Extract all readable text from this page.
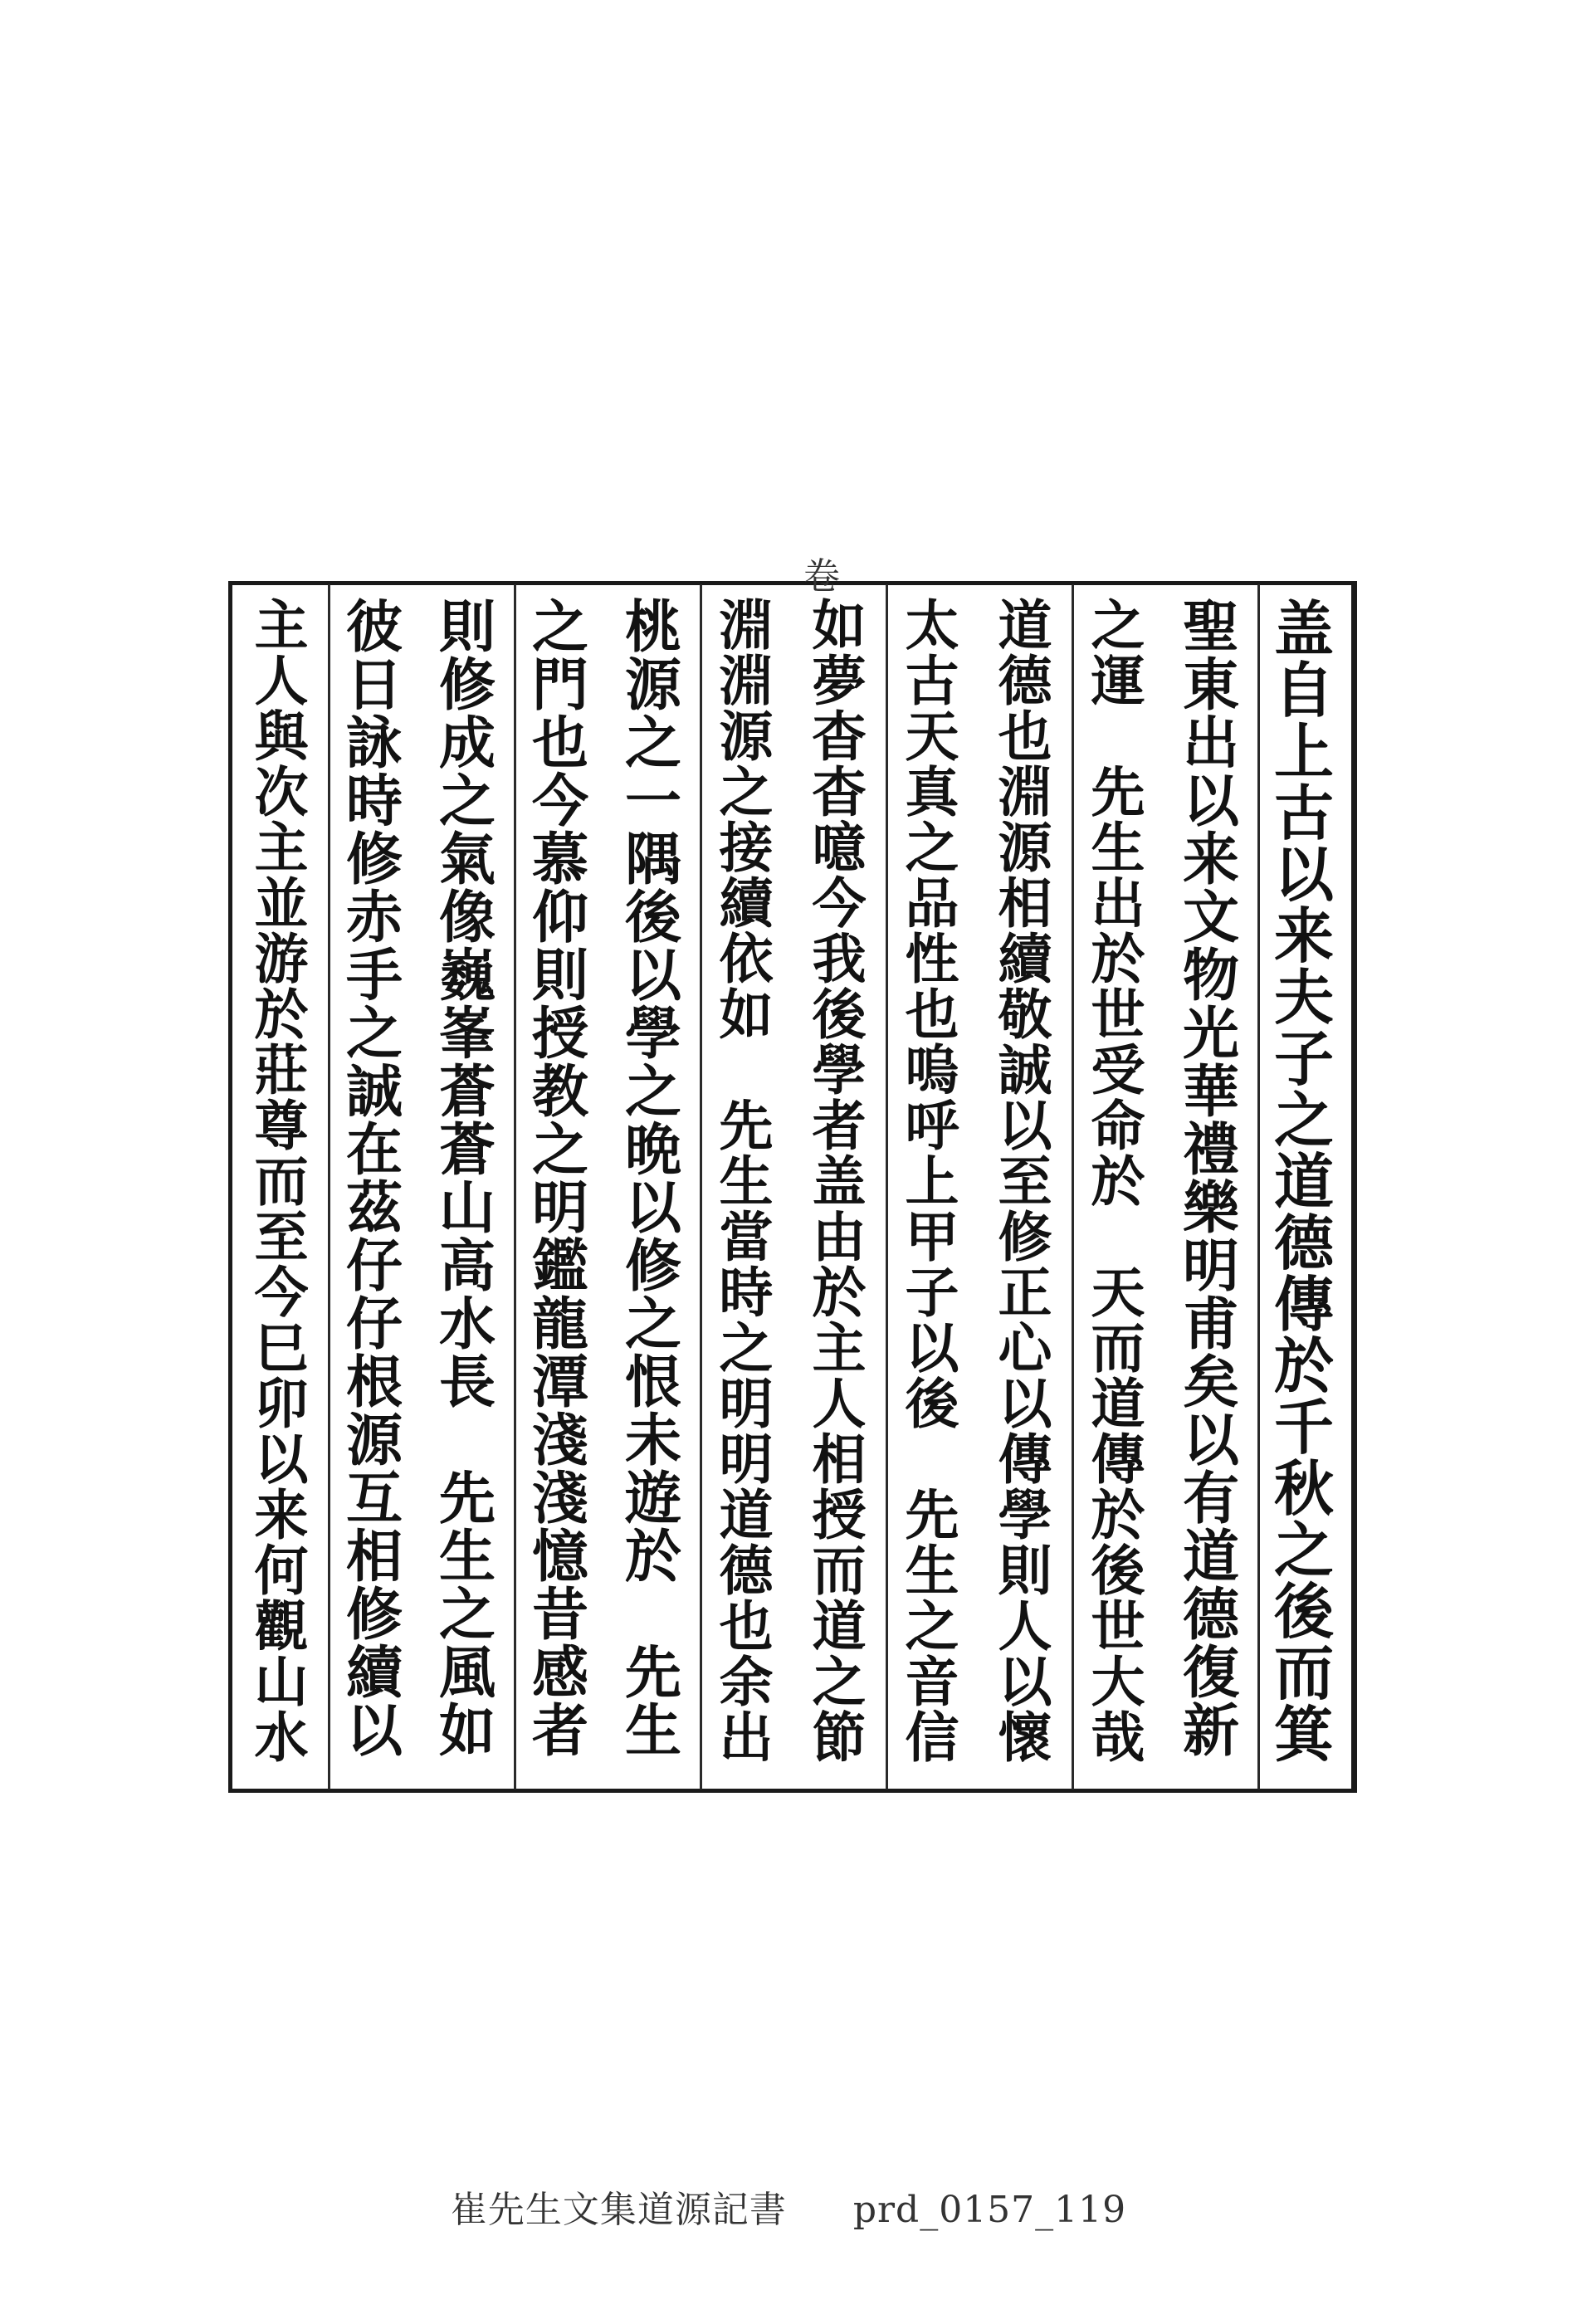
卷
盖
自
上
古
以
来
夫
子
之
道
德
傳
於
千
秋
之
後
而
箕
聖
東
出
以
来
文
物
光
華
禮
樂
明
甫
矣
以
有
道
德
復
新
之
運
先
生
出
於
世
受
命
於
天
而
道
傳
於
後
世
大
哉
道
德
也
淵
源
相
續
敬
誠
以
至
修
正
心
以
傳
學
則
人
以
懷
太
古
天
真
之
品
性
也
嗚
呼
上
甲
子
以
後
先
生
之
音
信
如
夢
杳
杳
噫
今
我
後
學
者
盖
由
於
主
人
相
授
而
道
之
節
淵
淵
源
之
接
續
依
如
先
生
當
時
之
明
明
道
德
也
余
出
桃
源
之
一
隅
後
以
學
之
晩
以
修
之
恨
未
遊
於
先
生
之
門
也
今
慕
仰
則
授
教
之
明
鑑
龍
潭
淺
淺
憶
昔
感
者
則
修
成
之
氣
像
巍
峯
蒼
蒼
山
高
水
長
先
生
之
風
如
彼
日
詠
時
修
赤
手
之
誠
在
茲
仔
仔
根
源
互
相
修
續
以
主
人
與
次
主
並
游
於
莊
尊
而
至
今
巳
卯
以
来
何
觀
山
水
崔先生文集道源記書 prd_0157_119
